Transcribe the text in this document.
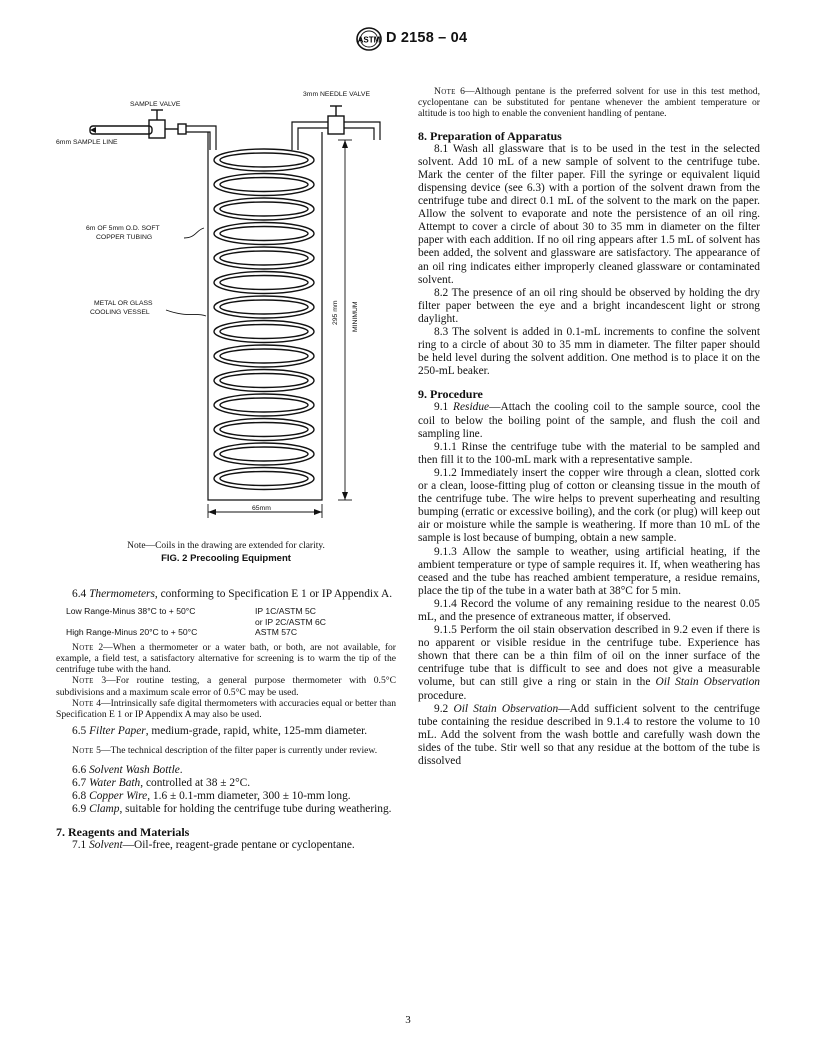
ASTM D 2158 – 04
SAMPLE VALVE
6mm SAMPLE LINE
3mm NEEDLE VALVE
6m OF 5mm O.D. SOFT
COPPER TUBING
METAL OR GLASS
COOLING VESSEL	295 mm MINIMUM
65mm
Note—Coils in the drawing are extended for clarity.
FIG. 2 Precooling Equipment

6.4 Thermometers, conforming to Specification E 1 or IP Appendix A.

Low Range-Minus 38°C to + 50°C	IP 1C/ASTM 5C
or IP 2C/ASTM 6C
High Range-Minus 20°C to + 50°C	ASTM 57C

Note 2—When a thermometer or a water bath, or both, are not available, for example, a field test, a satisfactory alternative for screening is to warm the tip of the centrifuge tube with the hand.

Note 3—For routine testing, a general purpose thermometer with 0.5°C subdivisions and a maximum scale error of 0.5°C may be used.

Note 4—Intrinsically safe digital thermometers with accuracies equal or better than Specification E 1 or IP Appendix A may also be used.

6.5 Filter Paper, medium-grade, rapid, white, 125-mm diameter.

Note 5—The technical description of the filter paper is currently under review.

6.6 Solvent Wash Bottle.

6.7 Water Bath, controlled at 38 ± 2°C.

6.8 Copper Wire, 1.6 ± 0.1-mm diameter, 300 ± 10-mm long.

6.9 Clamp, suitable for holding the centrifuge tube during weathering.

7. Reagents and Materials

7.1 Solvent—Oil-free, reagent-grade pentane or cyclopentane.

Note 6—Although pentane is the preferred solvent for use in this test method, cyclopentane can be substituted for pentane whenever the ambient temperature or altitude is too high to enable the convenient handling of pentane.

8. Preparation of Apparatus

8.1 Wash all glassware that is to be used in the test in the selected solvent. Add 10 mL of a new sample of solvent to the centrifuge tube. Mark the center of the filter paper. Fill the syringe or equivalent liquid dispensing device (see 6.3) with a portion of the solvent drawn from the centrifuge tube and direct 0.1 mL of the solvent to the mark on the paper. Allow the solvent to evaporate and note the persistence of an oil ring. Attempt to cover a circle of about 30 to 35 mm in diameter on the filter paper with each addition. If no oil ring appears after 1.5 mL of solvent has been added, the solvent and glassware are satisfactory. The appearance of an oil ring indicates either improperly cleaned glassware or contaminated solvent.

8.2 The presence of an oil ring should be observed by holding the dry filter paper between the eye and a bright incandescent light or strong daylight.

8.3 The solvent is added in 0.1-mL increments to confine the solvent ring to a circle of about 30 to 35 mm in diameter. The filter paper should be held level during the solvent addition. One method is to place it on the 250-mL beaker.

9. Procedure

9.1 Residue—Attach the cooling coil to the sample source, cool the coil to below the boiling point of the sample, and flush the coil and sampling line.

9.1.1 Rinse the centrifuge tube with the material to be sampled and then fill it to the 100-mL mark with a representative sample.

9.1.2 Immediately insert the copper wire through a clean, slotted cork or a clean, loose-fitting plug of cotton or cleansing tissue in the mouth of the centrifuge tube. The wire helps to prevent superheating and resulting bumping (erratic or excessive boiling), and the cork (or plug) will keep out air or moisture while the sample is weathering. If more than 10 mL of the sample is lost because of bumping, obtain a new sample.

9.1.3 Allow the sample to weather, using artificial heating, if the ambient temperature or type of sample requires it. If, when weathering has ceased and the tube has reached ambient temperature, a residue remains, place the tip of the tube in a water bath at 38°C for 5 min.

9.1.4 Record the volume of any remaining residue to the nearest 0.05 mL, and the presence of extraneous matter, if observed.

9.1.5 Perform the oil stain observation described in 9.2 even if there is no apparent or visible residue in the centrifuge tube. Experience has shown that there can be a thin film of oil on the inner surface of the centrifuge tube that is difficult to see and does not give a measurable volume, but can still give a ring or stain in the Oil Stain Observation procedure.

9.2 Oil Stain Observation—Add sufficient solvent to the centrifuge tube containing the residue described in 9.1.4 to restore the volume to 10 mL. Add the solvent from the wash bottle and carefully wash down the sides of the tube. Stir well so that any residue at the bottom of the tube is dissolved

3
